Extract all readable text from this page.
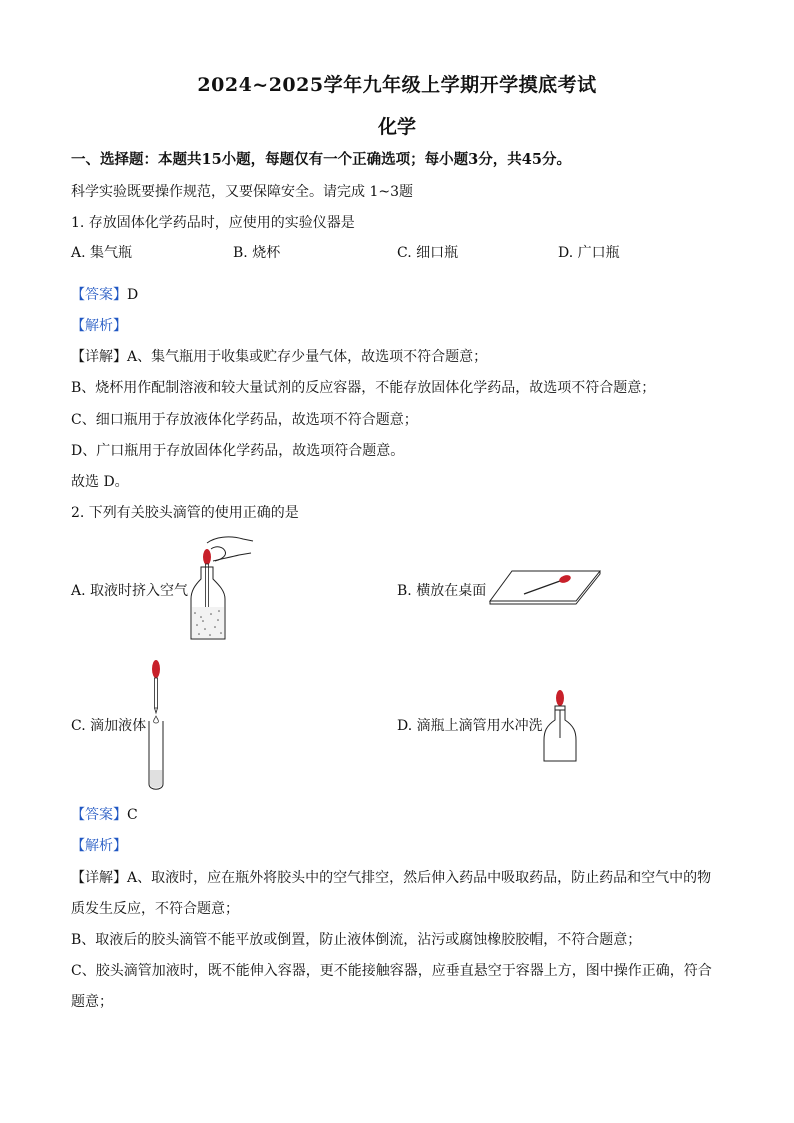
2024~2025学年九年级上学期开学摸底考试
化学
一、选择题：本题共15小题，每题仅有一个正确选项；每小题3分，共45分。
科学实验既要操作规范，又要保障安全。请完成 1~3题
1. 存放固体化学药品时，应使用的实验仪器是
A. 集气瓶	B. 烧杯	C. 细口瓶	D. 广口瓶
【答案】D
【解析】
【详解】A、集气瓶用于收集或贮存少量气体，故选项不符合题意；
B、烧杯用作配制溶液和较大量试剂的反应容器，不能存放固体化学药品，故选项不符合题意；
C、细口瓶用于存放液体化学药品，故选项不符合题意；
D、广口瓶用于存放固体化学药品，故选项符合题意。
故选 D。
2. 下列有关胶头滴管的使用正确的是
A. 取液时挤入空气	B. 横放在桌面
C. 滴加液体	D. 滴瓶上滴管用水冲洗
【答案】C
【解析】
【详解】A、取液时，应在瓶外将胶头中的空气排空，然后伸入药品中吸取药品，防止药品和空气中的物
质发生反应，不符合题意；
B、取液后的胶头滴管不能平放或倒置，防止液体倒流，沾污或腐蚀橡胶胶帽，不符合题意；
C、胶头滴管加液时，既不能伸入容器，更不能接触容器，应垂直悬空于容器上方，图中操作正确，符合
题意；
